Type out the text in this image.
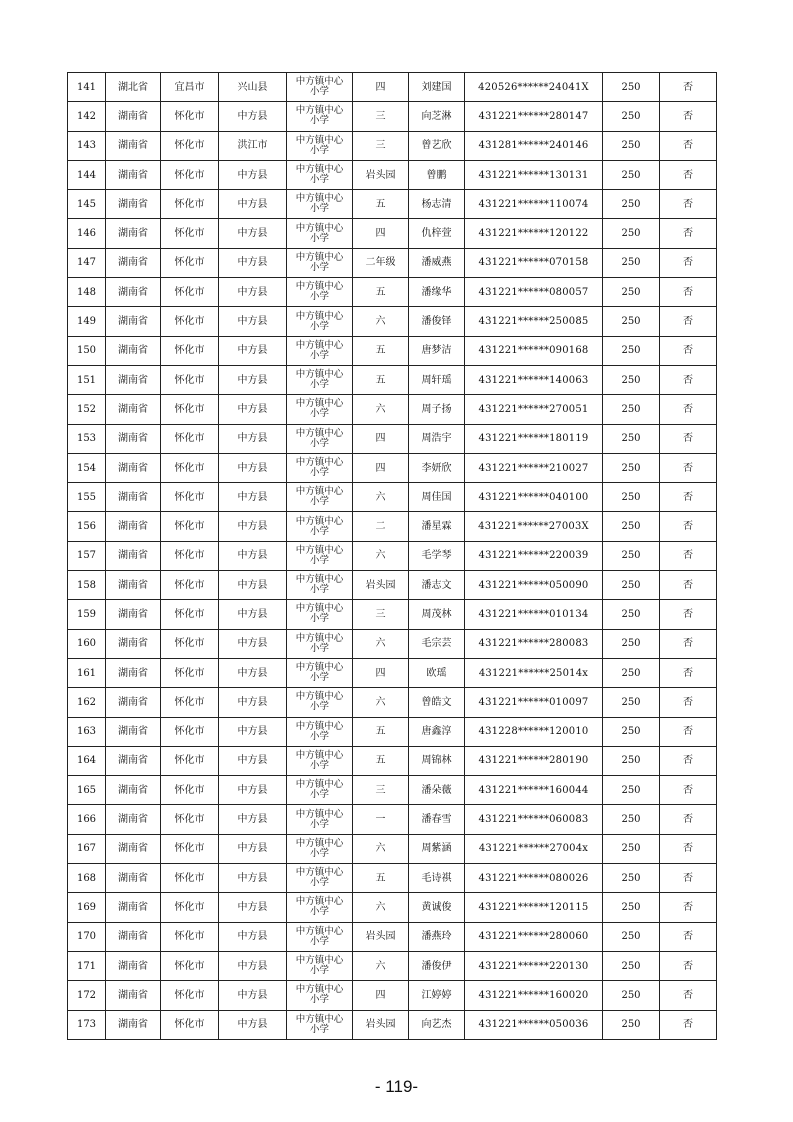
141	湖北省	宜昌市	兴山县	中方镇中心
小学	四	刘建国	420526******24041X	250	否
142	湖南省	怀化市	中方县	中方镇中心
小学	三	向芝淋	431221******280147	250	否
143	湖南省	怀化市	洪江市	中方镇中心
小学	三	曾艺欣	431281******240146	250	否
144	湖南省	怀化市	中方县	中方镇中心
小学	岩头园	曾鹏	431221******130131	250	否
145	湖南省	怀化市	中方县	中方镇中心
小学	五	杨志清	431221******110074	250	否
146	湖南省	怀化市	中方县	中方镇中心
小学	四	仇梓萱	431221******120122	250	否
147	湖南省	怀化市	中方县	中方镇中心
小学	二年级	潘威燕	431221******070158	250	否
148	湖南省	怀化市	中方县	中方镇中心
小学	五	潘缘华	431221******080057	250	否
149	湖南省	怀化市	中方县	中方镇中心
小学	六	潘俊铎	431221******250085	250	否
150	湖南省	怀化市	中方县	中方镇中心
小学	五	唐梦洁	431221******090168	250	否
151	湖南省	怀化市	中方县	中方镇中心
小学	五	周轩瑶	431221******140063	250	否
152	湖南省	怀化市	中方县	中方镇中心
小学	六	周子扬	431221******270051	250	否
153	湖南省	怀化市	中方县	中方镇中心
小学	四	周浩宇	431221******180119	250	否
154	湖南省	怀化市	中方县	中方镇中心
小学	四	李妍欣	431221******210027	250	否
155	湖南省	怀化市	中方县	中方镇中心
小学	六	周佳国	431221******040100	250	否
156	湖南省	怀化市	中方县	中方镇中心
小学	二	潘星霖	431221******27003X	250	否
157	湖南省	怀化市	中方县	中方镇中心
小学	六	毛学琴	431221******220039	250	否
158	湖南省	怀化市	中方县	中方镇中心
小学	岩头园	潘志文	431221******050090	250	否
159	湖南省	怀化市	中方县	中方镇中心
小学	三	周茂林	431221******010134	250	否
160	湖南省	怀化市	中方县	中方镇中心
小学	六	毛宗芸	431221******280083	250	否
161	湖南省	怀化市	中方县	中方镇中心
小学	四	欧瑶	431221******25014x	250	否
162	湖南省	怀化市	中方县	中方镇中心
小学	六	曾皓文	431221******010097	250	否
163	湖南省	怀化市	中方县	中方镇中心
小学	五	唐鑫淳	431228******120010	250	否
164	湖南省	怀化市	中方县	中方镇中心
小学	五	周锦林	431221******280190	250	否
165	湖南省	怀化市	中方县	中方镇中心
小学	三	潘朵薇	431221******160044	250	否
166	湖南省	怀化市	中方县	中方镇中心
小学	一	潘春雪	431221******060083	250	否
167	湖南省	怀化市	中方县	中方镇中心
小学	六	周紫涵	431221******27004x	250	否
168	湖南省	怀化市	中方县	中方镇中心
小学	五	毛诗祺	431221******080026	250	否
169	湖南省	怀化市	中方县	中方镇中心
小学	六	黄诚俊	431221******120115	250	否
170	湖南省	怀化市	中方县	中方镇中心
小学	岩头园	潘燕玲	431221******280060	250	否
171	湖南省	怀化市	中方县	中方镇中心
小学	六	潘俊伊	431221******220130	250	否
172	湖南省	怀化市	中方县	中方镇中心
小学	四	江婷婷	431221******160020	250	否
173	湖南省	怀化市	中方县	中方镇中心
小学	岩头园	向艺杰	431221******050036	250	否
- 119-
